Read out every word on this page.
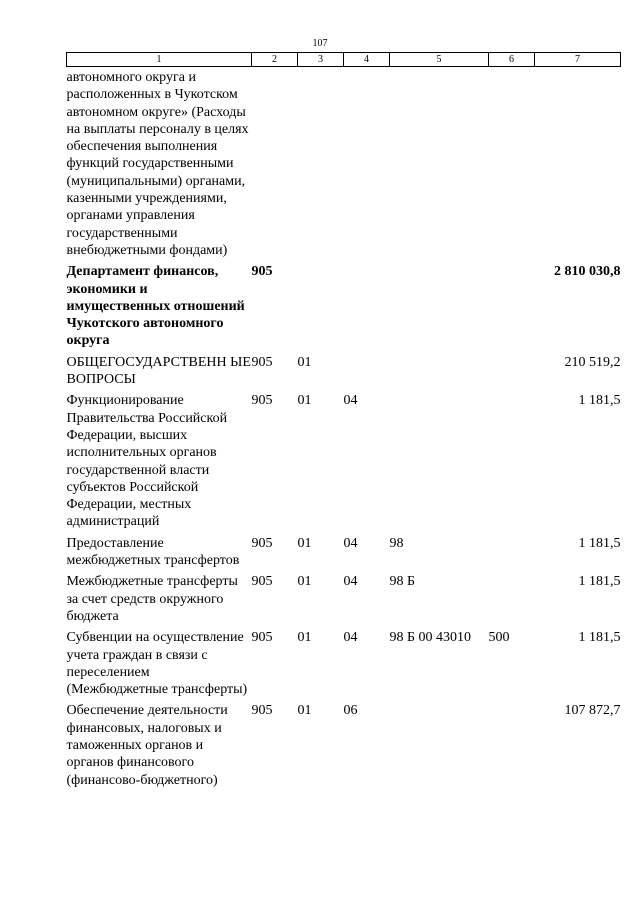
107
1	2	3	4	5	6	7
автономного округа и расположенных в Чукотском автономном округе» (Расходы на выплаты персоналу в целях обеспечения выполнения функций государственными (муниципальными) органами, казенными учреждениями, органами управления государственными внебюджетными фондами)						
Департамент финансов, экономики и имущественных отношений Чукотского автономного округа	905					2 810 030,8
ОБЩЕГОСУДАРСТВЕНН ЫЕ ВОПРОСЫ	905	01				210 519,2
Функционирование Правительства Российской Федерации, высших исполнительных органов государственной власти субъектов Российской Федерации, местных администраций	905	01	04			1 181,5
Предоставление межбюджетных трансфертов	905	01	04	98		1 181,5
Межбюджетные трансферты за счет средств окружного бюджета	905	01	04	98 Б		1 181,5
Субвенции на осуществление учета граждан в связи с переселением (Межбюджетные трансферты)	905	01	04	98 Б 00 43010	500	1 181,5
Обеспечение деятельности финансовых, налоговых и таможенных органов и органов финансового (финансово-бюджетного)	905	01	06			107 872,7
